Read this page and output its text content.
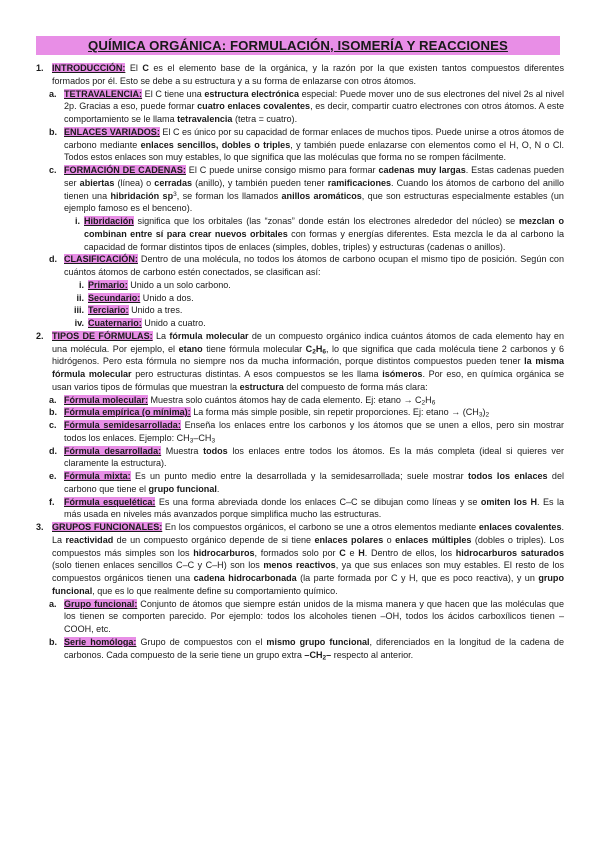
QUÍMICA ORGÁNICA: FORMULACIÓN, ISOMERÍA Y REACCIONES
1. INTRODUCCIÓN: El C es el elemento base de la orgánica, y la razón por la que existen tantos compuestos diferentes formados por él. Esto se debe a su estructura y a su forma de enlazarse con otros átomos.

a. TETRAVALENCIA: El C tiene una estructura electrónica especial: Puede mover uno de sus electrones del nivel 2s al nivel 2p. Gracias a eso, puede formar cuatro enlaces covalentes, es decir, compartir cuatro electrones con otros átomos. A este comportamiento se le llama tetravalencia (tetra = cuatro).

b. ENLACES VARIADOS: El C es único por su capacidad de formar enlaces de muchos tipos. Puede unirse a otros átomos de carbono mediante enlaces sencillos, dobles o triples, y también puede enlazarse con elementos como el H, O, N o Cl. Todos estos enlaces son muy estables, lo que significa que las moléculas que forma no se rompen fácilmente.

c. FORMACIÓN DE CADENAS: El C puede unirse consigo mismo para formar cadenas muy largas. Estas cadenas pueden ser abiertas (línea) o cerradas (anillo), y también pueden tener ramificaciones. Cuando los átomos de carbono del anillo tienen una hibridación $sp^3$, se forman los llamados anillos aromáticos, que son estructuras especialmente estables (un ejemplo famoso es el benceno).

i. Hibridación significa que los orbitales (las “zonas” donde están los electrones alrededor del núcleo) se mezclan o combinan entre sí para crear nuevos orbitales con formas y energías diferentes. Esta mezcla le da al carbono la capacidad de formar distintos tipos de enlaces (simples, dobles, triples) y estructuras (cadenas o anillos).

d. CLASIFICACIÓN: Dentro de una molécula, no todos los átomos de carbono ocupan el mismo tipo de posición. Según con cuántos átomos de carbono estén conectados, se clasifican así:

i. Primario: Unido a un solo carbono.

ii. Secundario: Unido a dos.

iii. Terciario: Unido a tres.

iv. Cuaternario: Unido a cuatro.

2. TIPOS DE FÓRMULAS: La fórmula molecular de un compuesto orgánico indica cuántos átomos de cada elemento hay en una molécula. Por ejemplo, el etano tiene fórmula molecular $C_2H_6$, lo que significa que cada molécula tiene 2 carbonos y 6 hidrógenos. Pero esta fórmula no siempre nos da mucha información, porque distintos compuestos pueden tener la misma fórmula molecular pero estructuras distintas. A esos compuestos se les llama isómeros. Por eso, en química orgánica se usan varios tipos de fórmulas que muestran la estructura del compuesto de forma más clara:

a. Fórmula molecular: Muestra solo cuántos átomos hay de cada elemento. Ej: $etano \to C_2H_6$

b. Fórmula empírica (o mínima): La forma más simple posible, sin repetir proporciones. Ej: $etano \to (CH_3)_2$

c. Fórmula semidesarrollada: Enseña los enlaces entre los carbonos y los átomos que se unen a ellos, pero sin mostrar todos los enlaces. Ejemplo: $CH_3-CH_3$

d. Fórmula desarrollada: Muestra todos los enlaces entre todos los átomos. Es la más completa (ideal si quieres ver claramente la estructura).

e. Fórmula mixta: Es un punto medio entre la desarrollada y la semidesarrollada; suele mostrar todos los enlaces del carbono que tiene el grupo funcional.

f. Fórmula esquelética: Es una forma abreviada donde los enlaces C–C se dibujan como líneas y se omiten los H. Es la más usada en niveles más avanzados porque simplifica mucho las estructuras.

3. GRUPOS FUNCIONALES: En los compuestos orgánicos, el carbono se une a otros elementos mediante enlaces covalentes. La reactividad de un compuesto orgánico depende de si tiene enlaces polares o enlaces múltiples (dobles o triples). Los compuestos más simples son los hidrocarburos, formados solo por C e H. Dentro de ellos, los hidrocarburos saturados (solo tienen enlaces sencillos C–C y C–H) son los menos reactivos, ya que sus enlaces son muy estables. El resto de los compuestos orgánicos tienen una cadena hidrocarbonada (la parte formada por C y H, que es poco reactiva), y un grupo funcional, que es lo que realmente define su comportamiento químico.

a. Grupo funcional: Conjunto de átomos que siempre están unidos de la misma manera y que hacen que las moléculas que los tienen se comporten parecido. Por ejemplo: todos los alcoholes tienen –OH, todos los ácidos carboxílicos tienen –COOH, etc.

b. Serie homóloga: Grupo de compuestos con el mismo grupo funcional, diferenciados en la longitud de la cadena de carbonos. Cada compuesto de la serie tiene un grupo extra $-CH_2-$ respecto al anterior.
